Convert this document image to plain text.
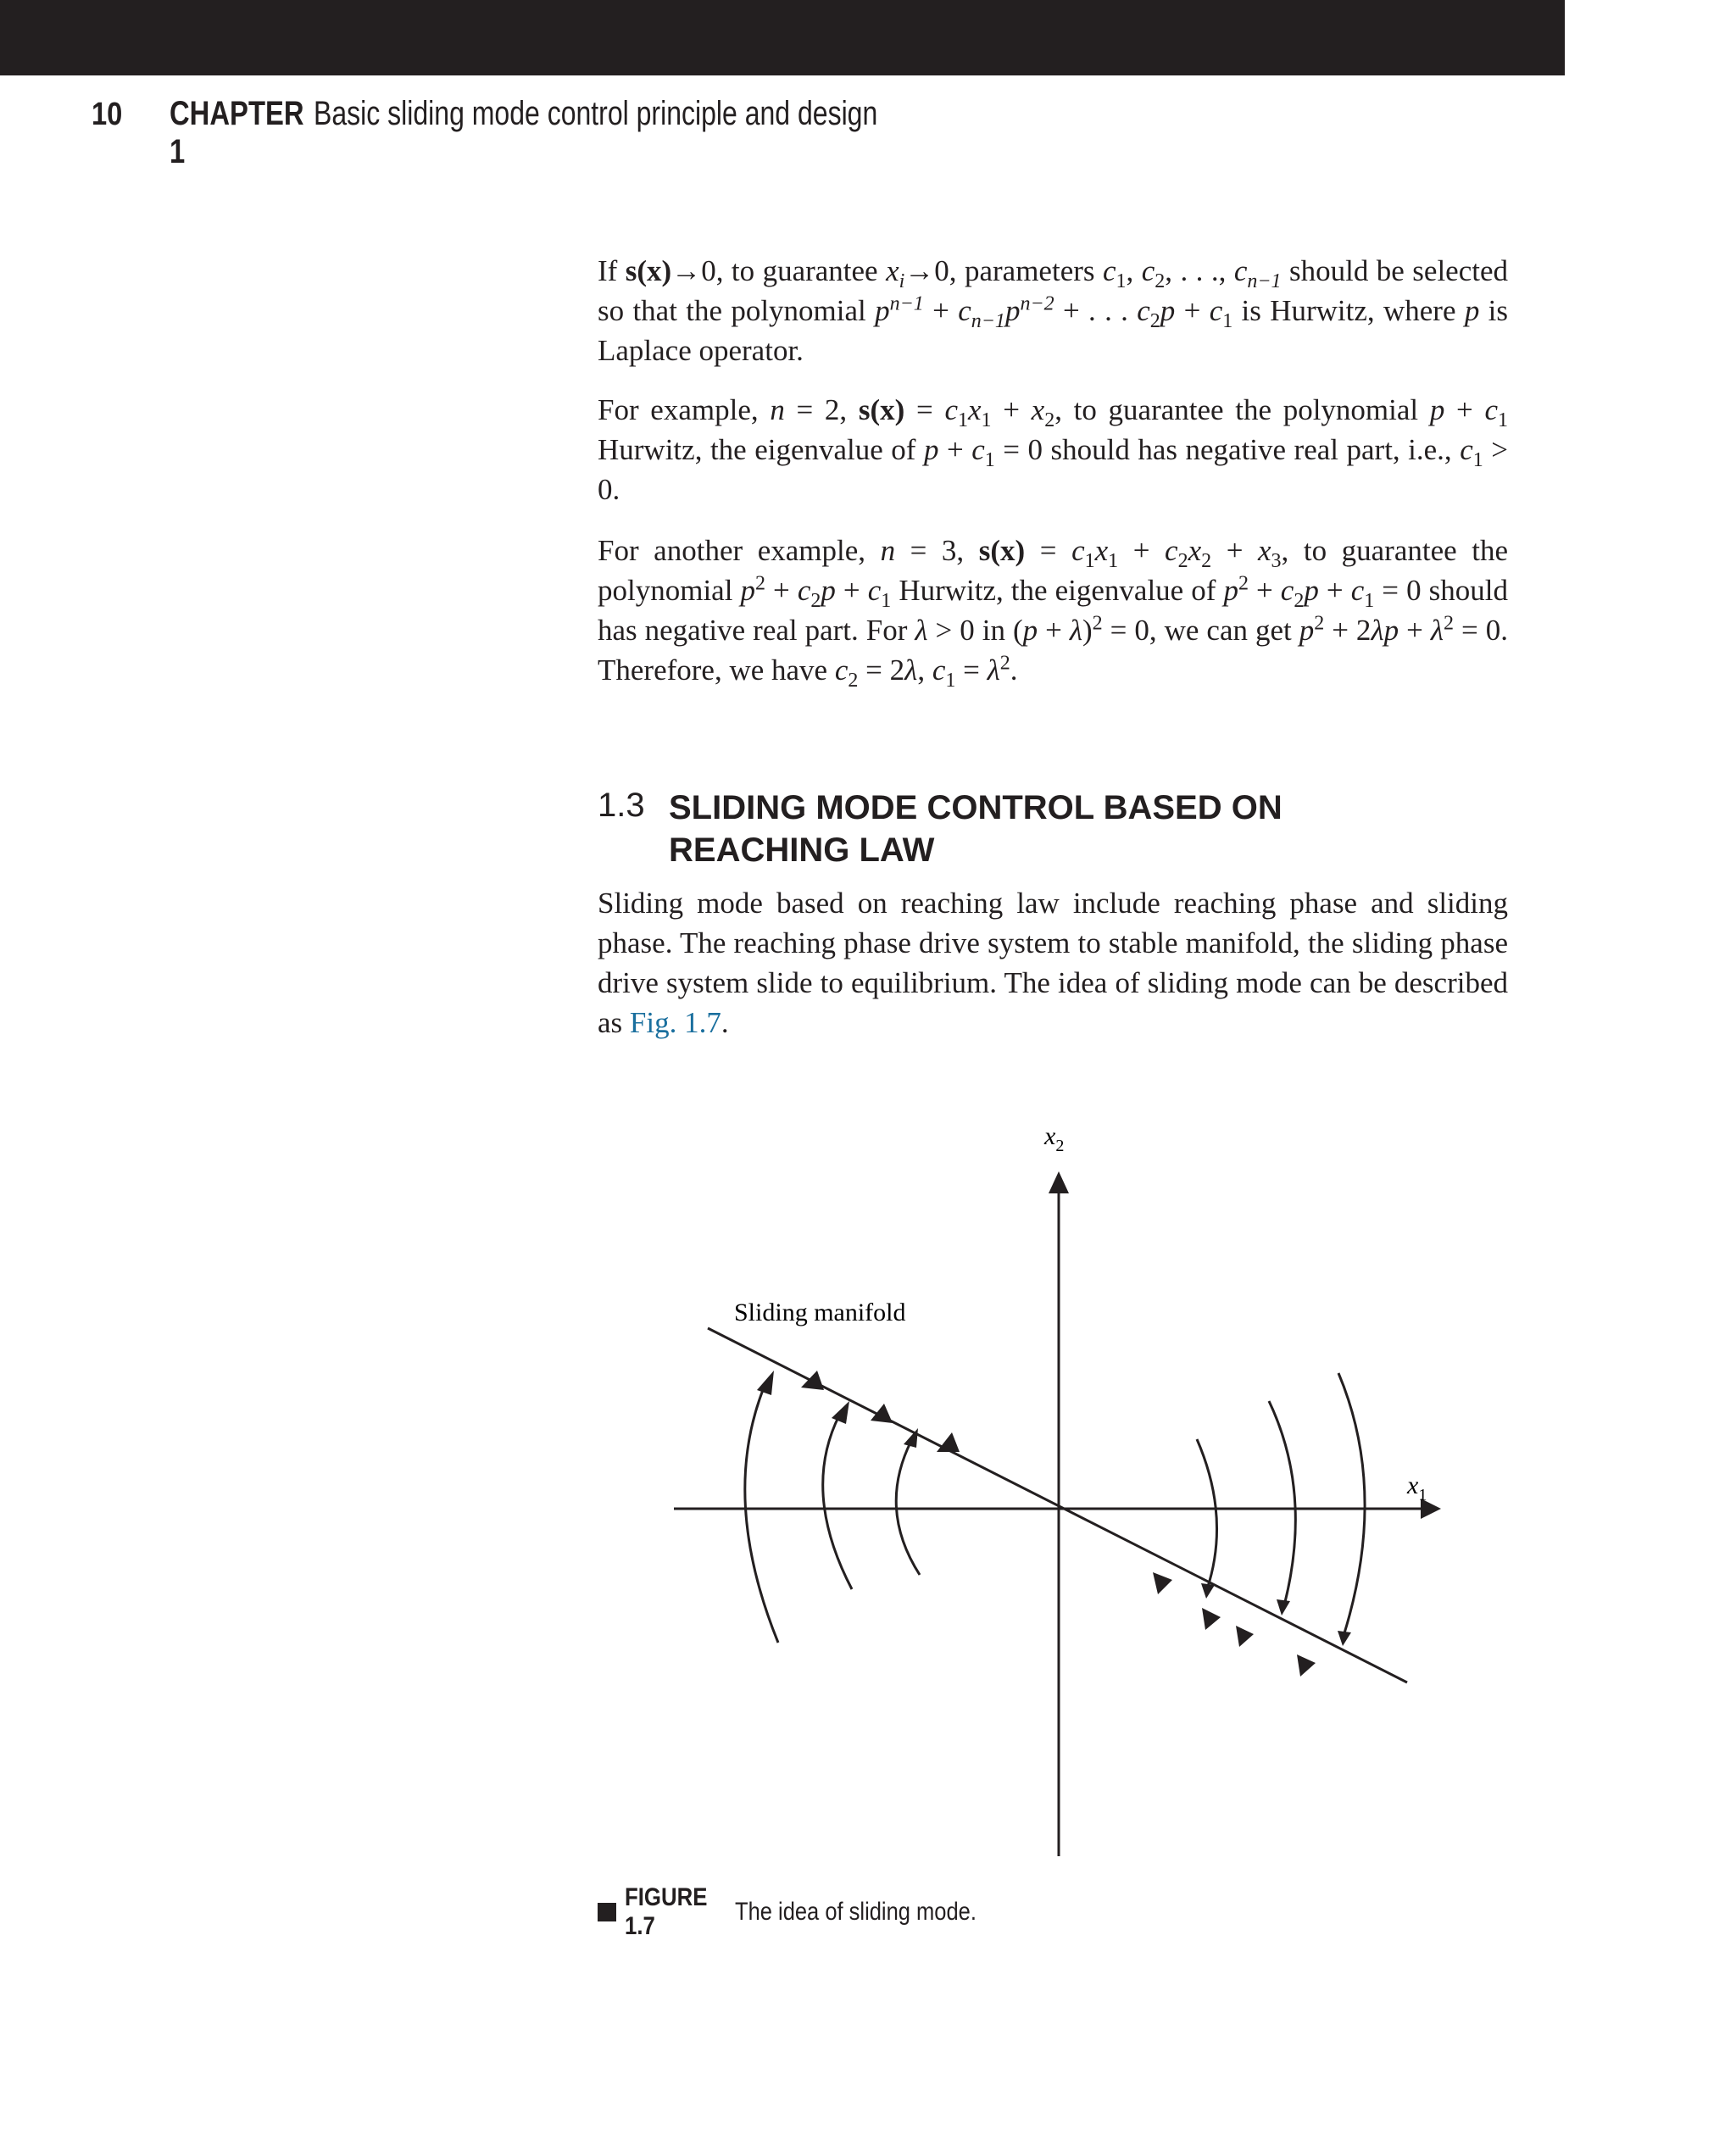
10	CHAPTER 1
Basic sliding mode control principle and design

If s(x)→0, to guarantee $x_i\to 0$, parameters $c_1$, $c_2$, . . ., $c_{n-1}$ should be selected so that the polynomial $p^{n-1} + c_{n-1}p^{n-2}$ + . . . $c_2p + c_1$ is Hurwitz, where p is Laplace operator.

For example, n = 2, $s(x) = c_1x_1 + x_2$, to guarantee the polynomial $p + c_1$ Hurwitz, the eigenvalue of $p + c_1 = 0$ should has negative real part, i.e., $c_1 > 0$.

For another example, n = 3, $s(x) = c_1x_1 + c_2x_2 + x_3$, to guarantee the polynomial $p^2 + c_2p + c_1$ Hurwitz, the eigenvalue of $p^2 + c_2p + c_1 = 0$ should has negative real part. For λ > 0 in $(p + \lambda)^2 = 0$, we can get $p^2 + 2\lambda p + \lambda^2 = 0$. Therefore, we have $c_2 = 2\lambda$, $c_1 = \lambda^2$.

1.3 SLIDING MODE CONTROL BASED ON REACHING LAW

Sliding mode based on reaching law include reaching phase and sliding phase. The reaching phase drive system to stable manifold, the sliding phase drive system slide to equilibrium. The idea of sliding mode can be described as Fig. 1.7.

$x_2$
$x_1$
Sliding manifold
FIGURE 1.7
The idea of sliding mode.
